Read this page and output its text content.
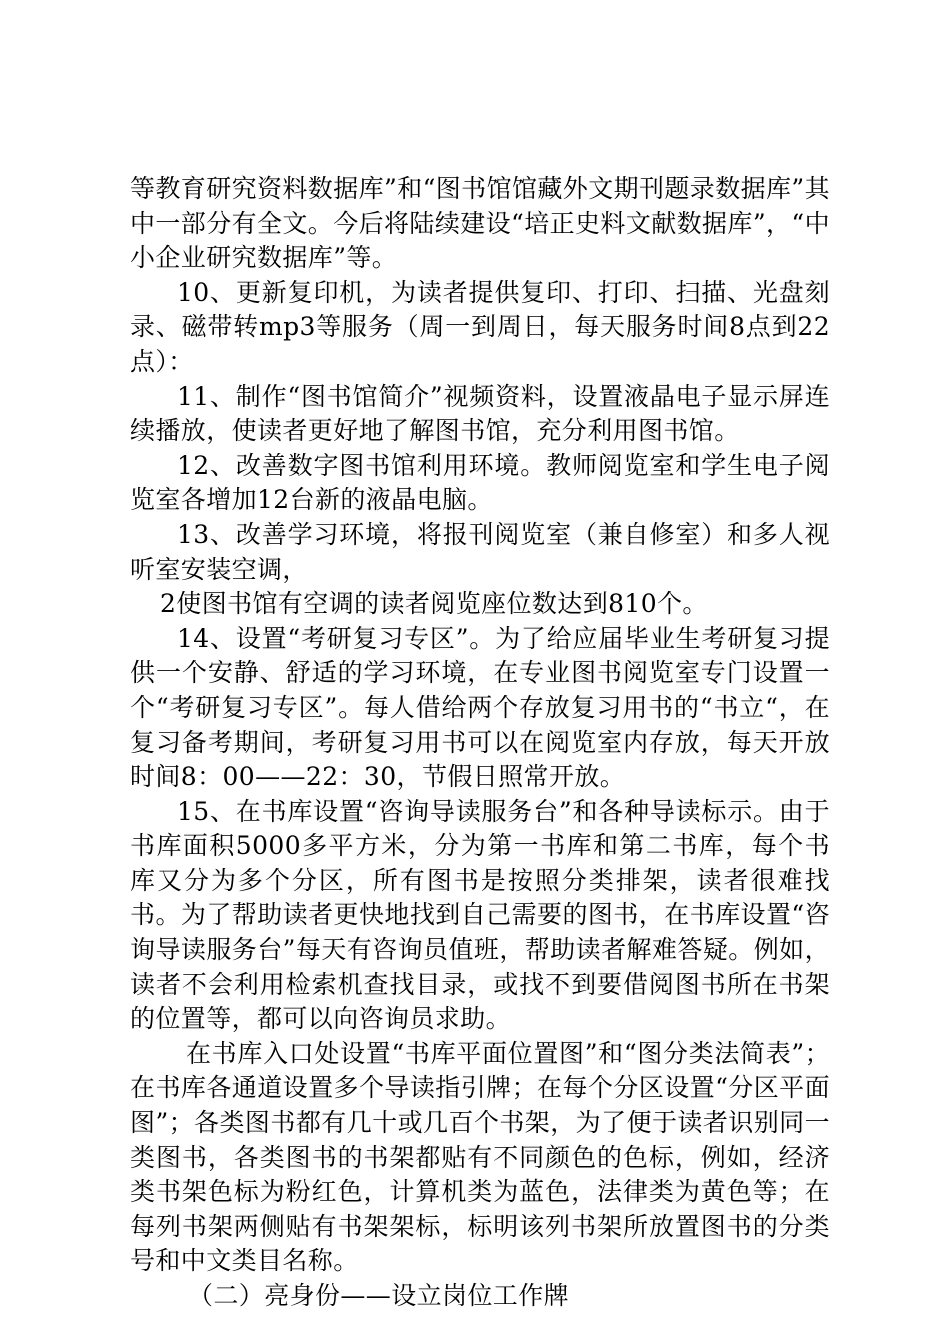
等教育研究资料数据库”和“图书馆馆藏外文期刊题录数据库”其中一部分有全文。今后将陆续建设“培正史料文献数据库”，“中小企业研究数据库”等。

10、更新复印机，为读者提供复印、打印、扫描、光盘刻录、磁带转mp3等服务（周一到周日，每天服务时间8点到22点）：

11、制作“图书馆简介”视频资料，设置液晶电子显示屏连续播放，使读者更好地了解图书馆，充分利用图书馆。

12、改善数字图书馆利用环境。教师阅览室和学生电子阅览室各增加12台新的液晶电脑。

13、改善学习环境，将报刊阅览室（兼自修室）和多人视听室安装空调，

2使图书馆有空调的读者阅览座位数达到810个。

14、设置“考研复习专区”。为了给应届毕业生考研复习提供一个安静、舒适的学习环境，在专业图书阅览室专门设置一个“考研复习专区”。每人借给两个存放复习用书的“书立“，在复习备考期间，考研复习用书可以在阅览室内存放，每天开放时间8：00——22：30，节假日照常开放。

15、在书库设置“咨询导读服务台”和各种导读标示。由于书库面积5000多平方米，分为第一书库和第二书库，每个书库又分为多个分区，所有图书是按照分类排架，读者很难找书。为了帮助读者更快地找到自己需要的图书，在书库设置“咨询导读服务台”每天有咨询员值班，帮助读者解难答疑。例如，读者不会利用检索机查找目录，或找不到要借阅图书所在书架的位置等，都可以向咨询员求助。

在书库入口处设置“书库平面位置图”和“图分类法简表”；在书库各通道设置多个导读指引牌；在每个分区设置“分区平面图”；各类图书都有几十或几百个书架，为了便于读者识别同一类图书，各类图书的书架都贴有不同颜色的色标，例如，经济类书架色标为粉红色，计算机类为蓝色，法律类为黄色等；在每列书架两侧贴有书架架标，标明该列书架所放置图书的分类号和中文类目名称。

（二）亮身份——设立岗位工作牌
